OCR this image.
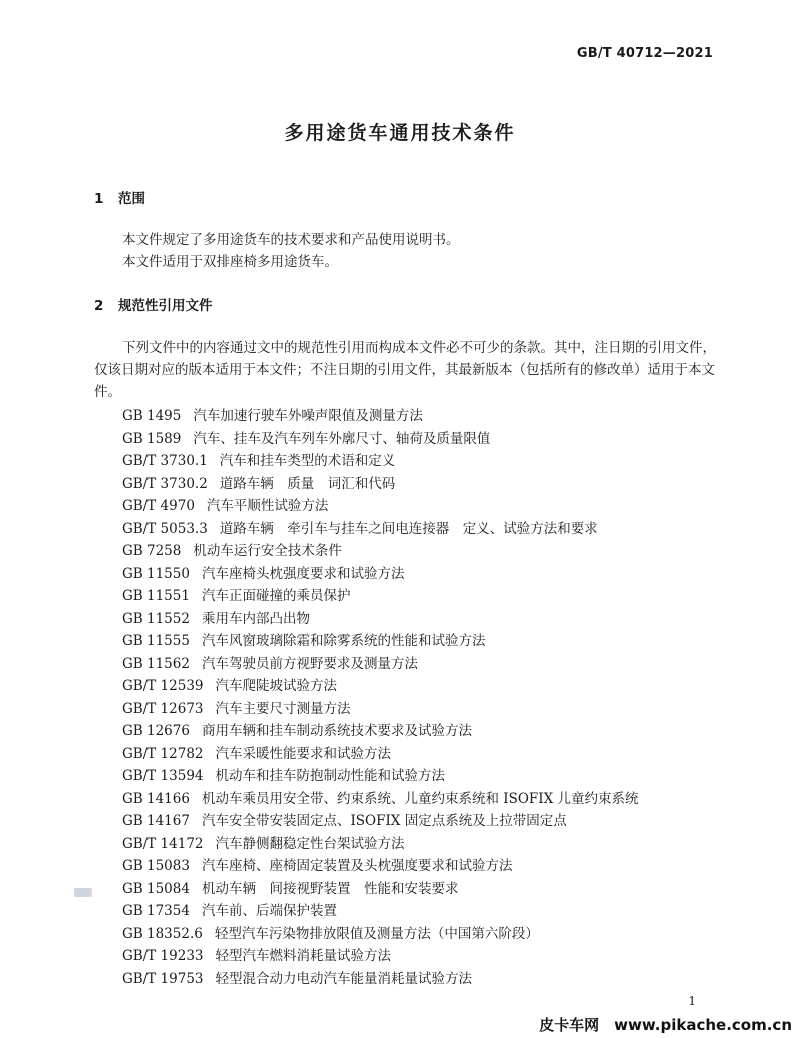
GB/T 40712—2021
多用途货车通用技术条件
1 范围

本文件规定了多用途货车的技术要求和产品使用说明书。

本文件适用于双排座椅多用途货车。

2 规范性引用文件

下列文件中的内容通过文中的规范性引用而构成本文件必不可少的条款。其中，注日期的引用文件，仅该日期对应的版本适用于本文件；不注日期的引用文件，其最新版本（包括所有的修改单）适用于本文件。

GB 1495 汽车加速行驶车外噪声限值及测量方法
GB 1589 汽车、挂车及汽车列车外廓尺寸、轴荷及质量限值
GB/T 3730.1 汽车和挂车类型的术语和定义
GB/T 3730.2 道路车辆　质量　词汇和代码
GB/T 4970 汽车平顺性试验方法
GB/T 5053.3 道路车辆　牵引车与挂车之间电连接器　定义、试验方法和要求
GB 7258 机动车运行安全技术条件
GB 11550 汽车座椅头枕强度要求和试验方法
GB 11551 汽车正面碰撞的乘员保护
GB 11552 乘用车内部凸出物
GB 11555 汽车风窗玻璃除霜和除雾系统的性能和试验方法
GB 11562 汽车驾驶员前方视野要求及测量方法
GB/T 12539 汽车爬陡坡试验方法
GB/T 12673 汽车主要尺寸测量方法
GB 12676 商用车辆和挂车制动系统技术要求及试验方法
GB/T 12782 汽车采暖性能要求和试验方法
GB/T 13594 机动车和挂车防抱制动性能和试验方法
GB 14166 机动车乘员用安全带、约束系统、儿童约束系统和 ISOFIX 儿童约束系统
GB 14167 汽车安全带安装固定点、ISOFIX 固定点系统及上拉带固定点
GB/T 14172 汽车静侧翻稳定性台架试验方法
GB 15083 汽车座椅、座椅固定装置及头枕强度要求和试验方法
GB 15084 机动车辆　间接视野装置　性能和安装要求
GB 17354 汽车前、后端保护装置
GB 18352.6 轻型汽车污染物排放限值及测量方法（中国第六阶段）
GB/T 19233 轻型汽车燃料消耗量试验方法
GB/T 19753 轻型混合动力电动汽车能量消耗量试验方法
1
皮卡车网　www.pikache.com.cn
